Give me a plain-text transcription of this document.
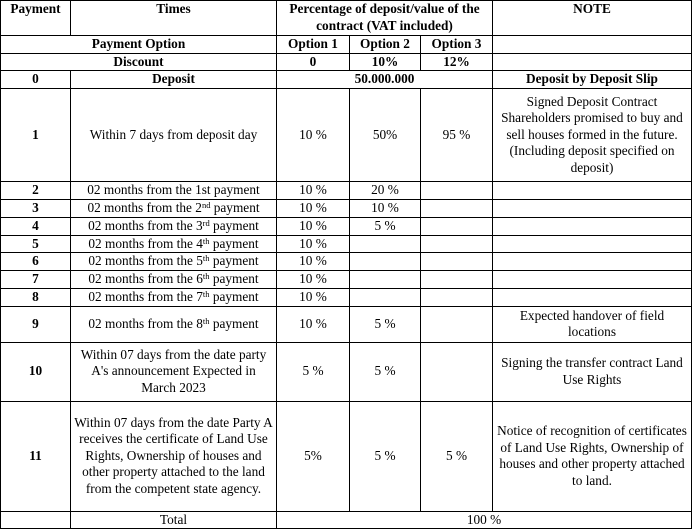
Payment	Times	Percentage of deposit/value of the contract (VAT included)			NOTE
Payment Option		Option 1	Option 2	Option 3	
Discount		0	10%	12%	
0	Deposit	50.000.000			Deposit by Deposit Slip
1	Within 7 days from deposit day	10 %	50%	95 %	Signed Deposit Contract Shareholders promised to buy and sell houses formed in the future. (Including deposit specified on deposit)
2	02 months from the 1st payment	10 %	20 %		
3	02 months from the 2nd payment	10 %	10 %		
4	02 months from the 3rd payment	10 %	5 %		
5	02 months from the 4th payment	10 %			
6	02 months from the 5th payment	10 %			
7	02 months from the 6th payment	10 %			
8	02 months from the 7th payment	10 %			
9	02 months from the 8th payment	10 %	5 %		Expected handover of field locations
10	Within 07 days from the date party A's announcement Expected in March 2023	5 %	5 %		Signing the transfer contract Land Use Rights
11	Within 07 days from the date Party A receives the certificate of Land Use Rights, Ownership of houses and other property attached to the land from the competent state agency.	5%	5 %	5 %	Notice of recognition of certificates of Land Use Rights, Ownership of houses and other property attached to land.
	Total	100 %			
